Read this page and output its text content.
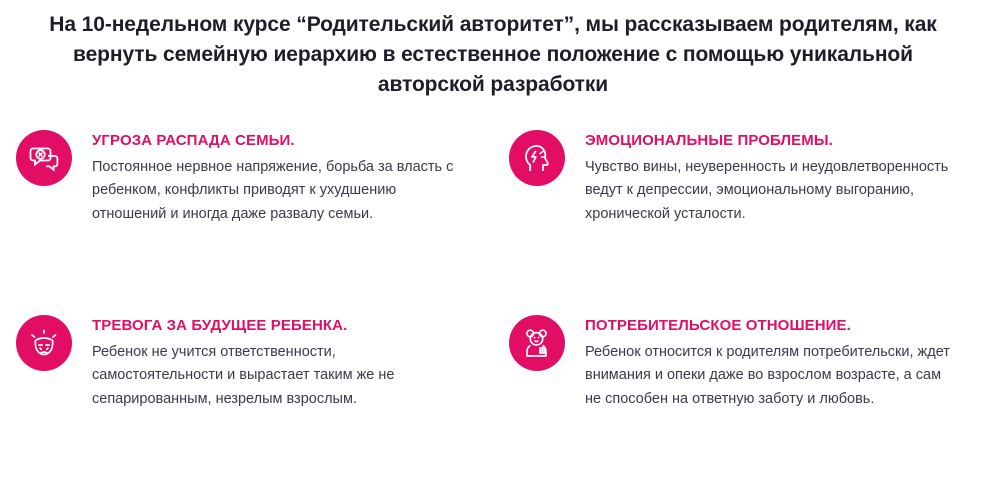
На 10-недельном курсе “Родительский авторитет”, мы рассказываем родителям, как вернуть семейную иерархию в естественное положение с помощью уникальной авторской разработки

УГРОЗА РАСПАДА СЕМЬИ.

Постоянное нервное напряжение, борьба за власть с ребенком, конфликты приводят к ухудшению отношений и иногда даже развалу семьи.

ЭМОЦИОНАЛЬНЫЕ ПРОБЛЕМЫ.

Чувство вины, неуверенность и неудовлетворенность ведут к депрессии, эмоциональному выгоранию, хронической усталости.

ТРЕВОГА ЗА БУДУЩЕЕ РЕБЕНКА.

Ребенок не учится ответственности, самостоятельности и вырастает таким же не сепарированным, незрелым взрослым.

ПОТРЕБИТЕЛЬСКОЕ ОТНОШЕНИЕ.

Ребенок относится к родителям потребительски, ждет внимания и опеки даже во взрослом возрасте, а сам не способен на ответную заботу и любовь.
